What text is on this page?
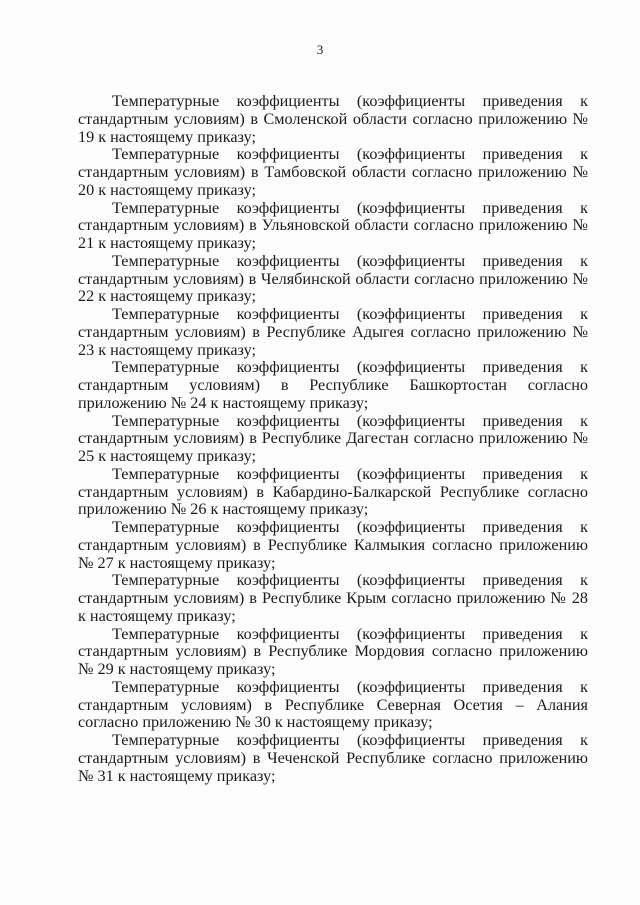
3

Температурные коэффициенты (коэффициенты приведения к стандартным условиям) в Смоленской области согласно приложению № 19 к настоящему приказу;

Температурные коэффициенты (коэффициенты приведения к стандартным условиям) в Тамбовской области согласно приложению № 20 к настоящему приказу;

Температурные коэффициенты (коэффициенты приведения к стандартным условиям) в Ульяновской области согласно приложению № 21 к настоящему приказу;

Температурные коэффициенты (коэффициенты приведения к стандартным условиям) в Челябинской области согласно приложению № 22 к настоящему приказу;

Температурные коэффициенты (коэффициенты приведения к стандартным условиям) в Республике Адыгея согласно приложению № 23 к настоящему приказу;

Температурные коэффициенты (коэффициенты приведения к стандартным условиям) в Республике Башкортостан согласно приложению № 24 к настоящему приказу;

Температурные коэффициенты (коэффициенты приведения к стандартным условиям) в Республике Дагестан согласно приложению № 25 к настоящему приказу;

Температурные коэффициенты (коэффициенты приведения к стандартным условиям) в Кабардино-Балкарской Республике согласно приложению № 26 к настоящему приказу;

Температурные коэффициенты (коэффициенты приведения к стандартным условиям) в Республике Калмыкия согласно приложению № 27 к настоящему приказу;

Температурные коэффициенты (коэффициенты приведения к стандартным условиям) в Республике Крым согласно приложению № 28 к настоящему приказу;

Температурные коэффициенты (коэффициенты приведения к стандартным условиям) в Республике Мордовия согласно приложению № 29 к настоящему приказу;

Температурные коэффициенты (коэффициенты приведения к стандартным условиям) в Республике Северная Осетия – Алания согласно приложению № 30 к настоящему приказу;

Температурные коэффициенты (коэффициенты приведения к стандартным условиям) в Чеченской Республике согласно приложению № 31 к настоящему приказу;
